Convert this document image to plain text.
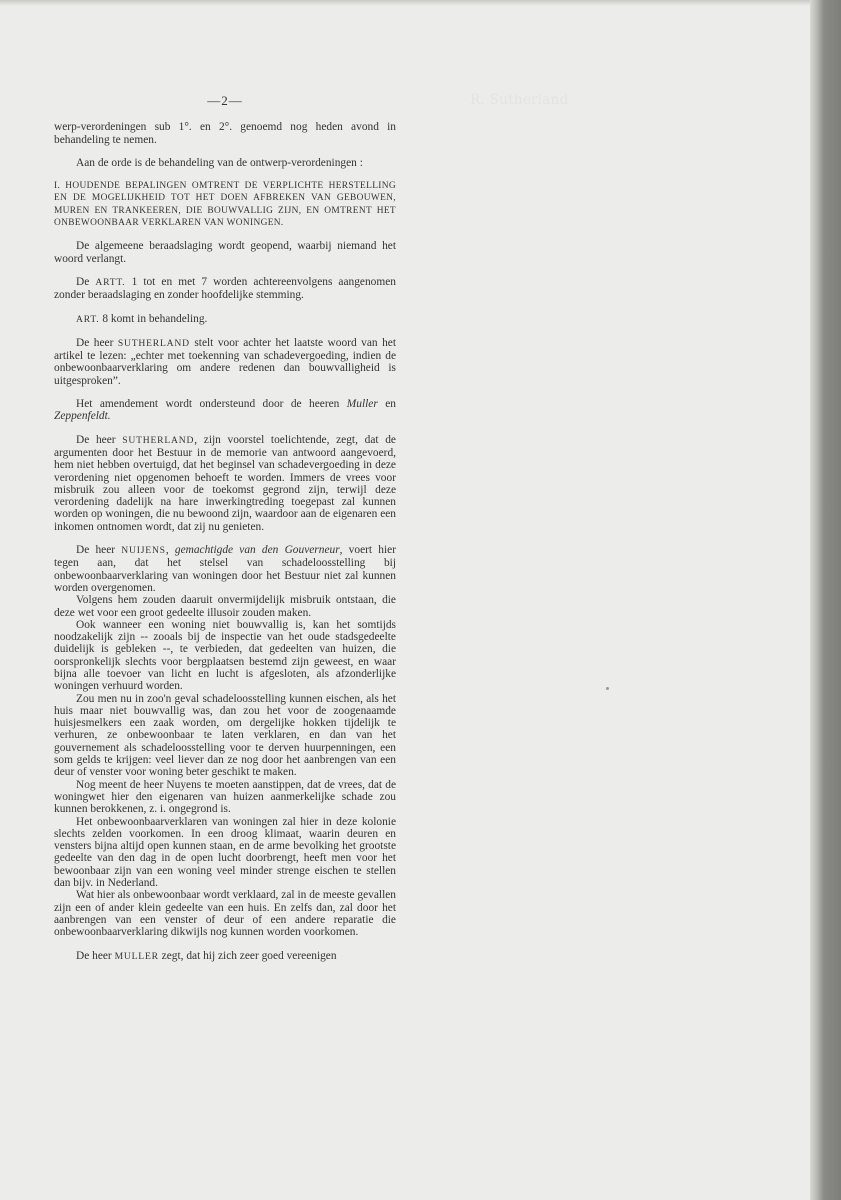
R. Sutherland
—2—

werp-verordeningen sub 1°. en 2°. genoemd nog heden avond in behandeling te nemen.

Aan de orde is de behandeling van de ontwerp-verordeningen :

I. HOUDENDE BEPALINGEN OMTRENT DE VERPLICHTE HERSTELLING EN DE MOGELIJKHEID TOT HET DOEN AFBREKEN VAN GEBOUWEN, MUREN EN TRANKEEREN, DIE BOUWVALLIG ZIJN, EN OMTRENT HET ONBEWOONBAAR VERKLAREN VAN WONINGEN.

De algemeene beraadslaging wordt geopend, waarbij niemand het woord verlangt.

De ARTT. 1 tot en met 7 worden achtereenvolgens aangenomen zonder beraadslaging en zonder hoofdelijke stemming.

ART. 8 komt in behandeling.

De heer SUTHERLAND stelt voor achter het laatste woord van het artikel te lezen: „echter met toekenning van schadevergoeding, indien de onbewoonbaarverklaring om andere redenen dan bouwvalligheid is uitgesproken”.

Het amendement wordt ondersteund door de heeren Muller en Zeppenfeldt.

De heer SUTHERLAND, zijn voorstel toelichtende, zegt, dat de argumenten door het Bestuur in de memorie van antwoord aangevoerd, hem niet hebben overtuigd, dat het beginsel van schadevergoeding in deze verordening niet opgenomen behoeft te worden. Immers de vrees voor misbruik zou alleen voor de toekomst gegrond zijn, terwijl deze verordening dadelijk na hare inwerkingtreding toegepast zal kunnen worden op woningen, die nu bewoond zijn, waardoor aan de eigenaren een inkomen ontnomen wordt, dat zij nu genieten.

De heer NUIJENS, gemachtigde van den Gouverneur, voert hier tegen aan, dat het stelsel van schadeloosstelling bij onbewoonbaarverklaring van woningen door het Bestuur niet zal kunnen worden overgenomen.

Volgens hem zouden daaruit onvermijdelijk misbruik ontstaan, die deze wet voor een groot gedeelte illusoir zouden maken.

Ook wanneer een woning niet bouwvallig is, kan het somtijds noodzakelijk zijn -- zooals bij de inspectie van het oude stadsgedeelte duidelijk is gebleken --, te verbieden, dat gedeelten van huizen, die oorspronkelijk slechts voor bergplaatsen bestemd zijn geweest, en waar bijna alle toevoer van licht en lucht is afgesloten, als afzonderlijke woningen verhuurd worden.

Zou men nu in zoo'n geval schadeloosstelling kunnen eischen, als het huis maar niet bouwvallig was, dan zou het voor de zoogenaamde huisjesmelkers een zaak worden, om dergelijke hokken tijdelijk te verhuren, ze onbewoonbaar te laten verklaren, en dan van het gouvernement als schadeloosstelling voor te derven huurpenningen, een som gelds te krijgen: veel liever dan ze nog door het aanbrengen van een deur of venster voor woning beter geschikt te maken.

Nog meent de heer Nuyens te moeten aanstippen, dat de vrees, dat de woningwet hier den eigenaren van huizen aanmerkelijke schade zou kunnen berokkenen, z. i. ongegrond is.

Het onbewoonbaarverklaren van woningen zal hier in deze kolonie slechts zelden voorkomen. In een droog klimaat, waarin deuren en vensters bijna altijd open kunnen staan, en de arme bevolking het grootste gedeelte van den dag in de open lucht doorbrengt, heeft men voor het bewoonbaar zijn van een woning veel minder strenge eischen te stellen dan bijv. in Nederland.

Wat hier als onbewoonbaar wordt verklaard, zal in de meeste gevallen zijn een of ander klein gedeelte van een huis. En zelfs dan, zal door het aanbrengen van een venster of deur of een andere reparatie die onbewoonbaarverklaring dikwijls nog kunnen worden voorkomen.

De heer MULLER zegt, dat hij zich zeer goed vereenigen
